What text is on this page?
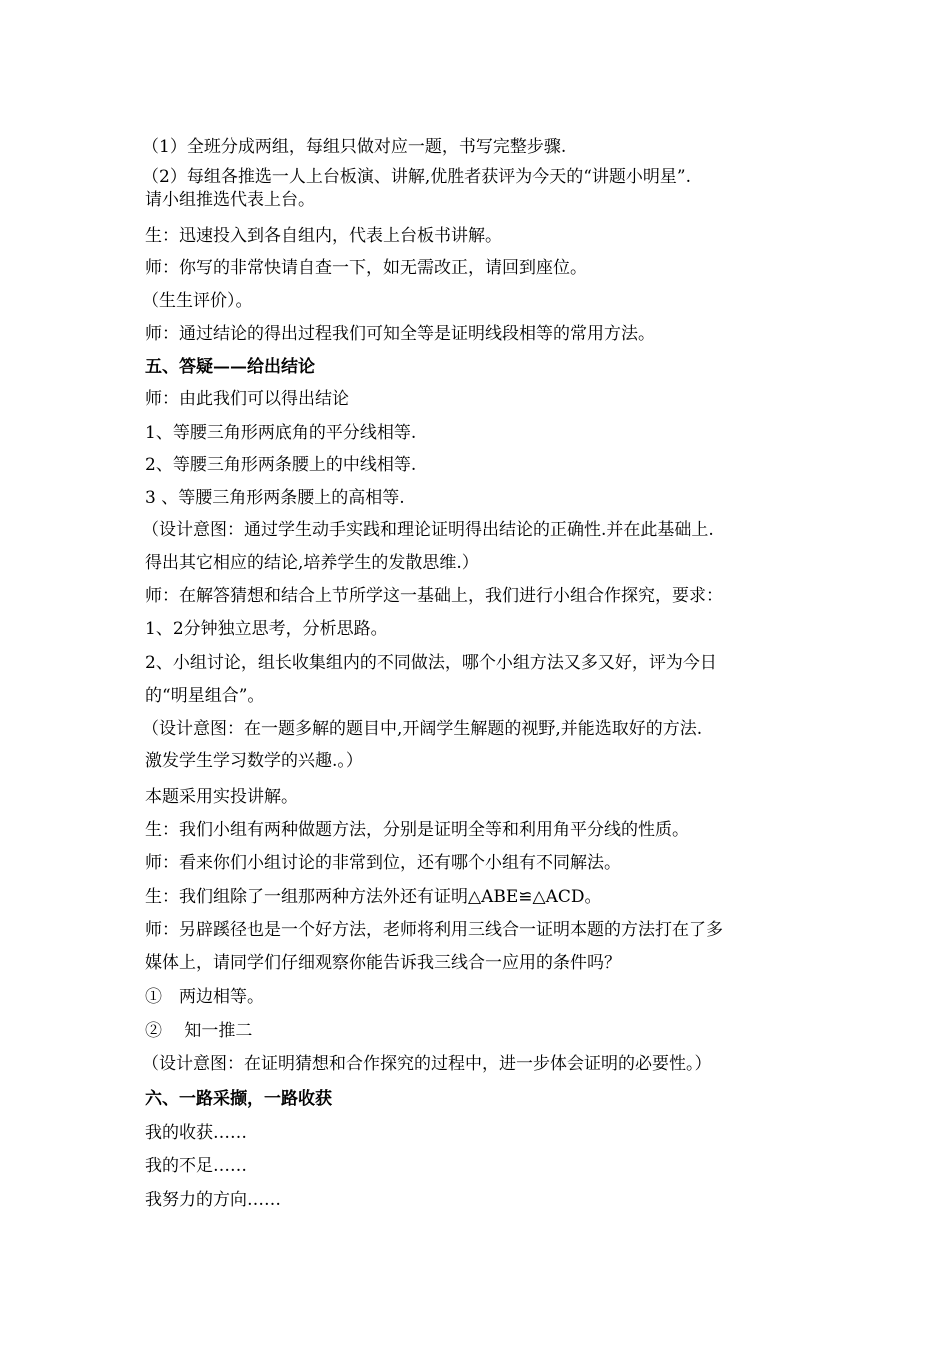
（1）全班分成两组，每组只做对应一题，书写完整步骤.

（2）每组各推选一人上台板演、讲解,优胜者获评为今天的“讲题小明星”.

请小组推选代表上台。

生：迅速投入到各自组内，代表上台板书讲解。

师：你写的非常快请自查一下，如无需改正，请回到座位。

（生生评价）。

师：通过结论的得出过程我们可知全等是证明线段相等的常用方法。

五、答疑——给出结论

师：由此我们可以得出结论

1、等腰三角形两底角的平分线相等.

2、等腰三角形两条腰上的中线相等.

3 、等腰三角形两条腰上的高相等.

（设计意图：通过学生动手实践和理论证明得出结论的正确性.并在此基础上.

得出其它相应的结论,培养学生的发散思维.）

师：在解答猜想和结合上节所学这一基础上，我们进行小组合作探究，要求：

1、2分钟独立思考，分析思路。

2、小组讨论，组长收集组内的不同做法，哪个小组方法又多又好，评为今日

的“明星组合”。

（设计意图：在一题多解的题目中,开阔学生解题的视野,并能选取好的方法.

激发学生学习数学的兴趣.。）

本题采用实投讲解。

生：我们小组有两种做题方法，分别是证明全等和利用角平分线的性质。

师：看来你们小组讨论的非常到位，还有哪个小组有不同解法。

生：我们组除了一组那两种方法外还有证明△ABE≌△ACD。

师：另辟蹊径也是一个好方法，老师将利用三线合一证明本题的方法打在了多

媒体上，请同学们仔细观察你能告诉我三线合一应用的条件吗？

①　两边相等。

②　 知一推二

（设计意图：在证明猜想和合作探究的过程中，进一步体会证明的必要性。）

六、一路采撷，一路收获

我的收获……

我的不足……

我努力的方向……
